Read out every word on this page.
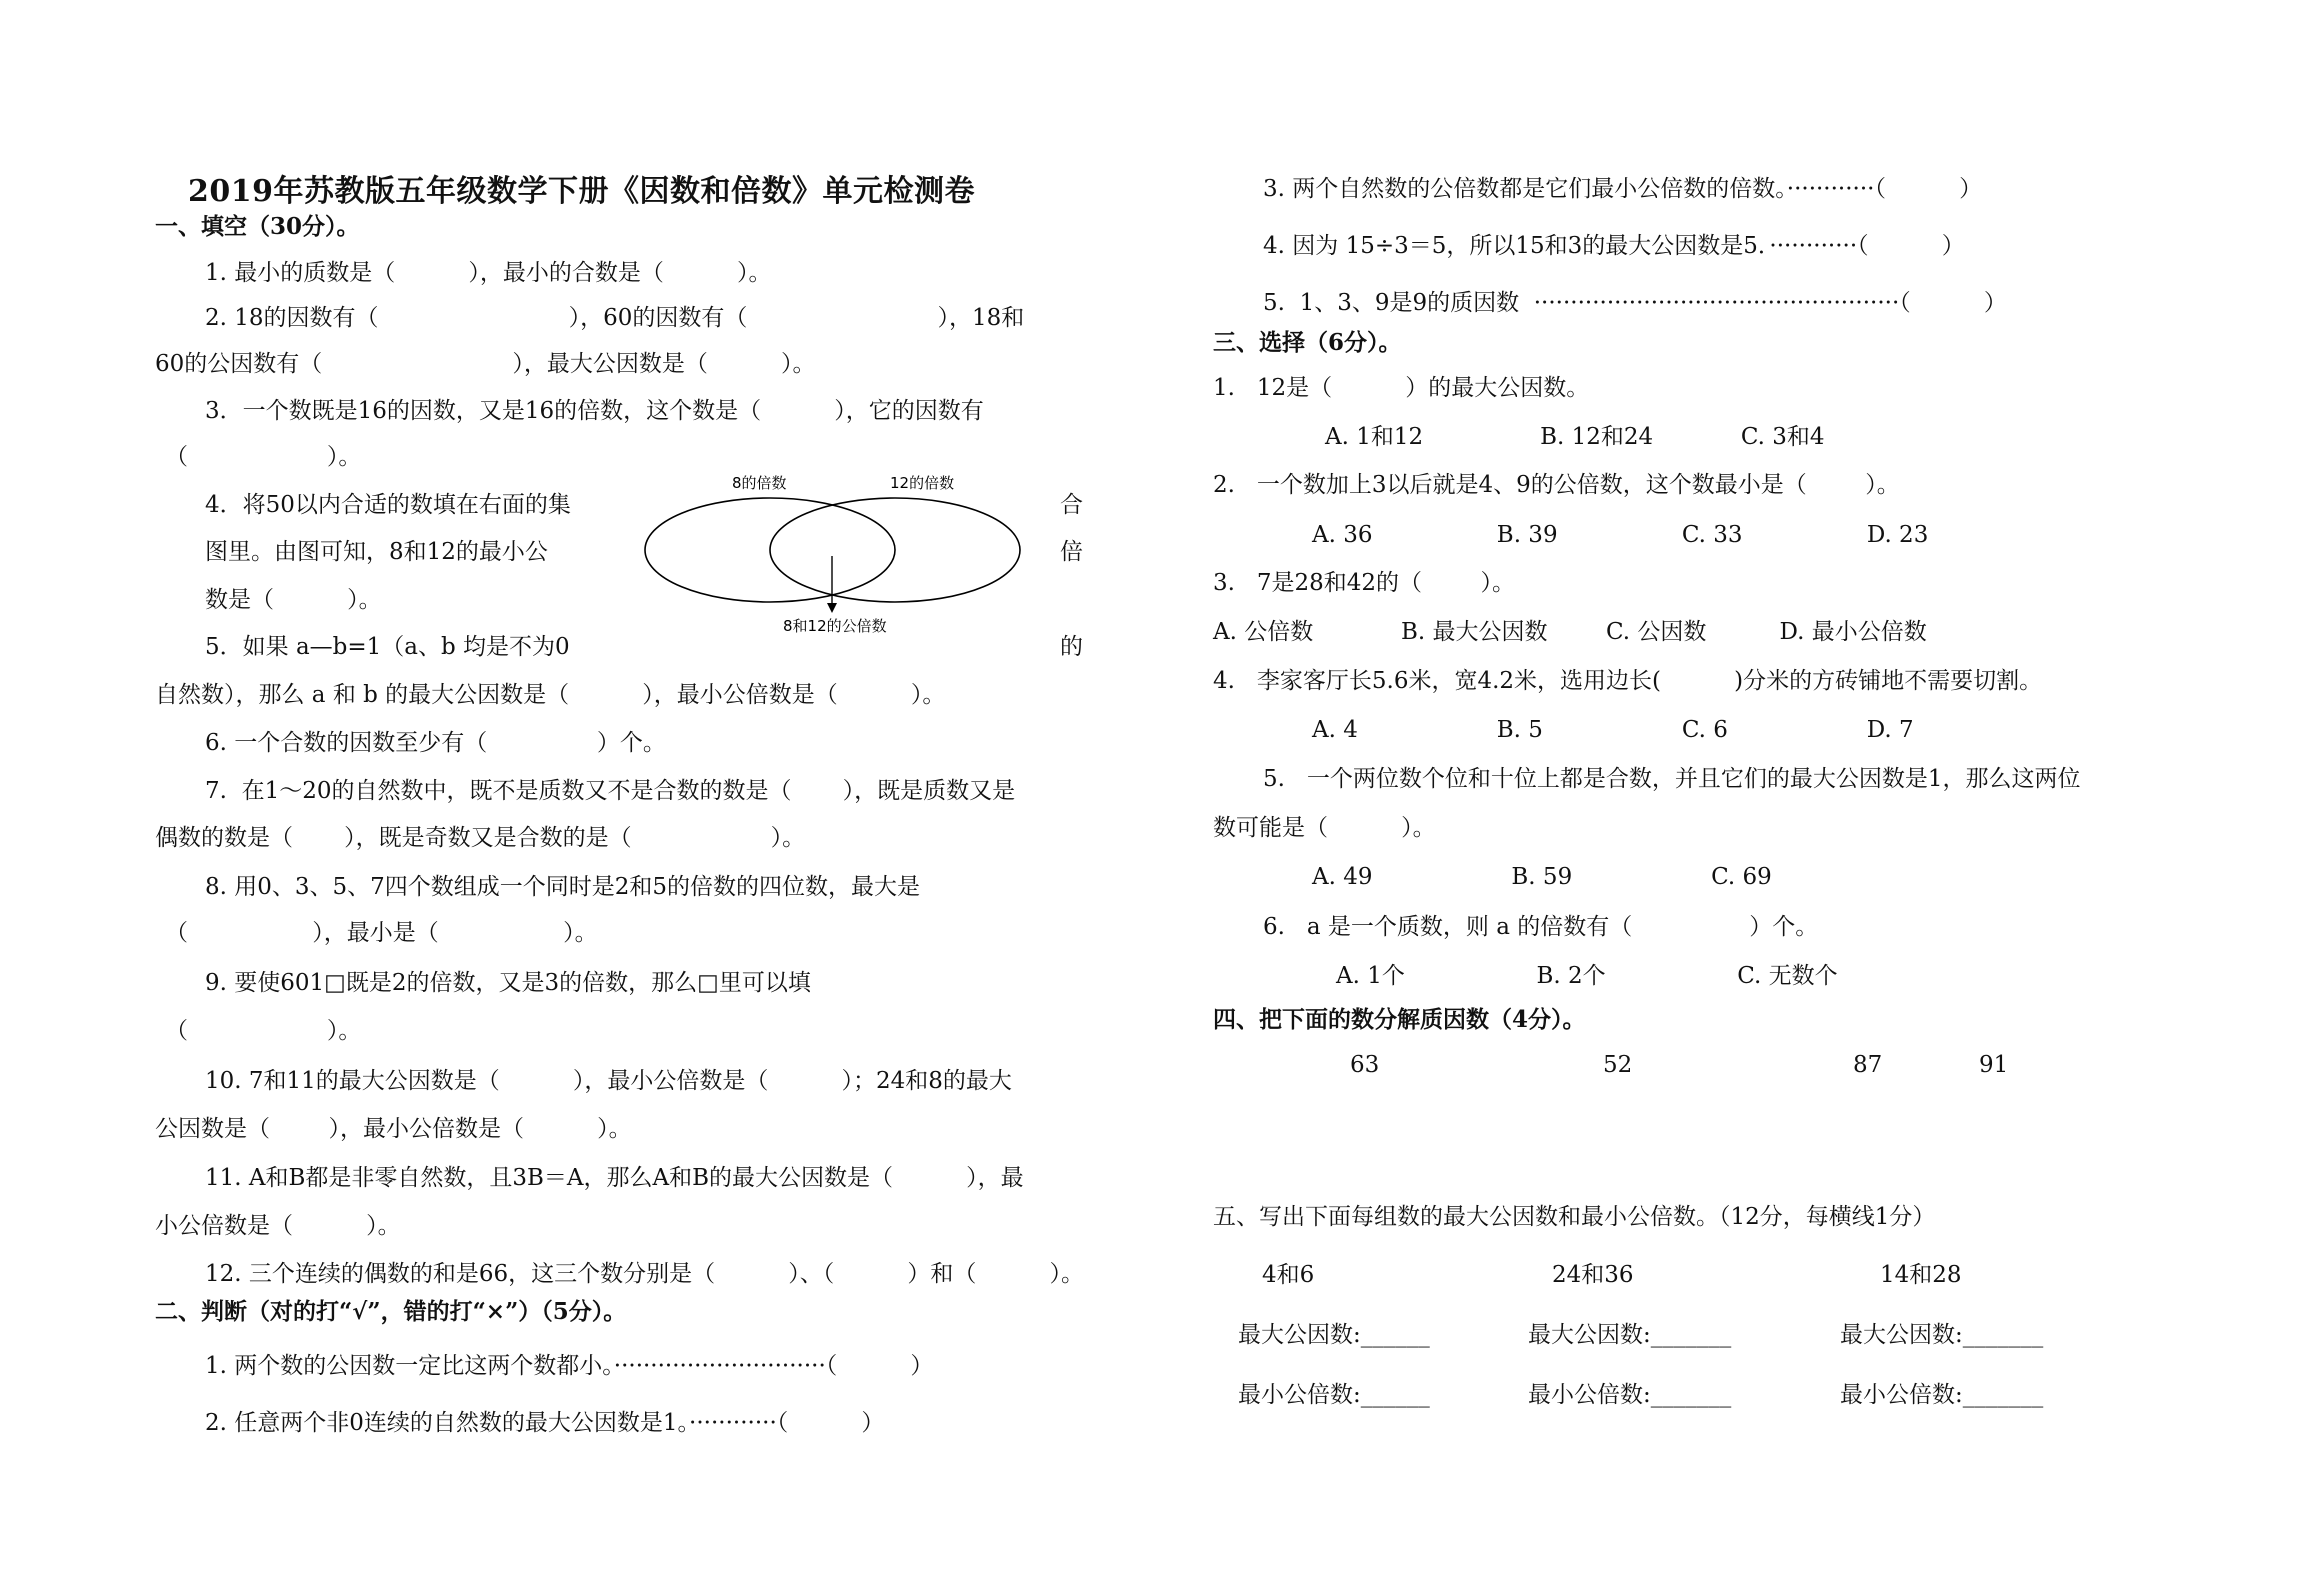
2019年苏教版五年级数学下册《因数和倍数》单元检测卷
一、填空（30分）。
1. 最小的质数是（          ），最小的合数是（          ）。
2. 18的因数有（                          ），60的因数有（                          ），18和
60的公因数有（                          ），最大公因数是（          ）。
3．一个数既是16的因数，又是16的倍数，这个数是（          ），它的因数有
（                   ）。
4．将50以内合适的数填在右面的集
图里。由图可知，8和12的最小公
数是（          ）。
合
倍
8的倍数	12的倍数
8和12的公倍数
5．如果 a—b=1（a、b 均是不为0	的
自然数），那么 a 和 b 的最大公因数是（          ），最小公倍数是（          ）。
6. 一个合数的因数至少有（               ）个。
7.  在1～20的自然数中，既不是质数又不是合数的数是（       ），既是质数又是
偶数的数是（       ），既是奇数又是合数的是（                   ）。
8. 用0、3、5、7四个数组成一个同时是2和5的倍数的四位数，最大是
（                 ），最小是（                 ）。
9. 要使601□既是2的倍数，又是3的倍数，那么□里可以填
（                   ）。
10. 7和11的最大公因数是（          ），最小公倍数是（          ）；24和8的最大
公因数是（        ），最小公倍数是（          ）。
11. A和B都是非零自然数，且3B＝A，那么A和B的最大公因数是（          ），最
小公倍数是（          ）。
12. 三个连续的偶数的和是66，这三个数分别是（          ）、（          ）和（          ）。
二、判断（对的打“√”，错的打“×”）（5分）。
1. 两个数的公因数一定比这两个数都小。·····························（          ）
2. 任意两个非0连续的自然数的最大公因数是1。············（          ）
3. 两个自然数的公倍数都是它们最小公倍数的倍数。············（          ）
4. 因为 15÷3＝5，所以15和3的最大公因数是5．············（          ）
5.  1、3、9是9的质因数  ··················································（          ）
三、选择（6分）。
1.   12是（          ）的最大公因数。
A. 1和12                B. 12和24            C. 3和4
2.   一个数加上3以后就是4、9的公倍数，这个数最小是（        ）。
A. 36                 B. 39                 C. 33                 D. 23
3.   7是28和42的（        ）。
A. 公倍数            B. 最大公因数        C. 公因数          D. 最小公倍数
4.   李家客厅长5.6米，宽4.2米，选用边长(          )分米的方砖铺地不需要切割。
A. 4                   B. 5                   C. 6                   D. 7
5.   一个两位数个位和十位上都是合数，并且它们的最大公因数是1，那么这两位
数可能是（          ）。
A. 49                   B. 59                   C. 69
6.   a 是一个质数，则 a 的倍数有（                ）个。
A. 1个                  B. 2个                  C. 无数个
四、把下面的数分解质因数（4分）。
63	52	87	91
五、写出下面每组数的最大公因数和最小公倍数。（12分，每横线1分）
4和6	24和36	14和28
最大公因数:______	最大公因数:_______	最大公因数:_______
最小公倍数:______	最小公倍数:_______	最小公倍数:_______
